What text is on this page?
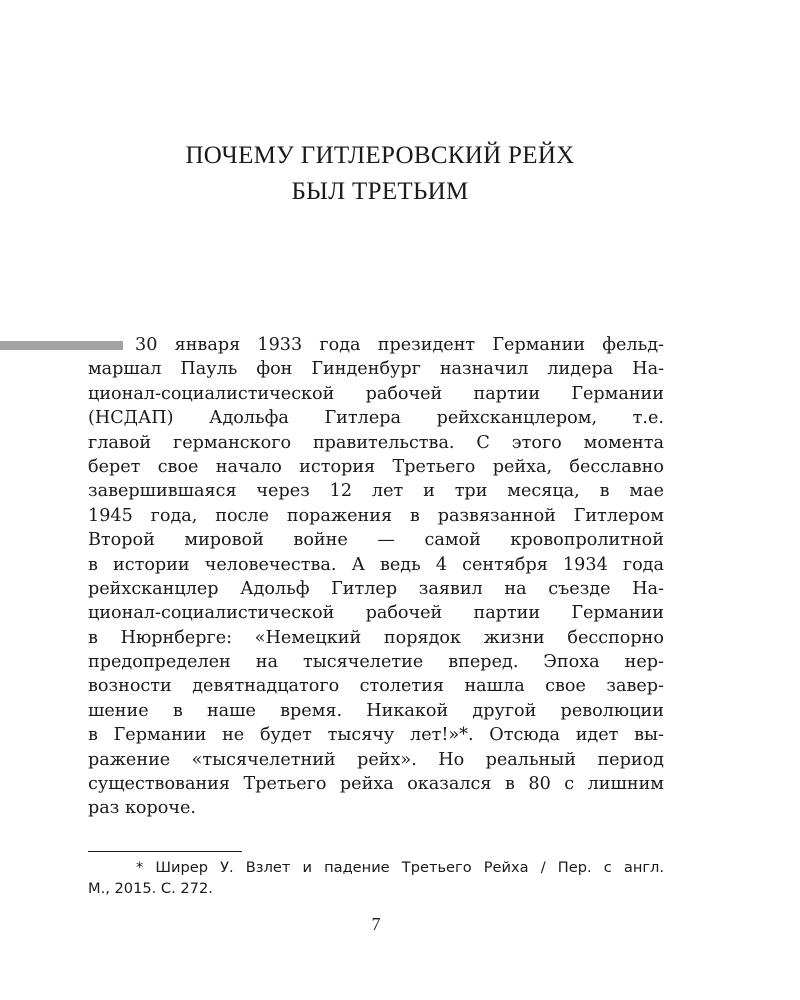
ПОЧЕМУ ГИТЛЕРОВСКИЙ РЕЙХ
БЫЛ ТРЕТЬИМ
30 января 1933 года президент Германии фельд-
маршал Пауль фон Гинденбург назначил лидера На-
ционал-социалистической рабочей партии Германии
(НСДАП) Адольфа Гитлера рейхсканцлером, т.е.
главой германского правительства. С этого момента
берет свое начало история Третьего рейха, бесславно
завершившаяся через 12 лет и три месяца, в мае
1945 года, после поражения в развязанной Гитлером
Второй мировой войне — самой кровопролитной
в истории человечества. А ведь 4 сентября 1934 года
рейхсканцлер Адольф Гитлер заявил на съезде На-
ционал-социалистической рабочей партии Германии
в Нюрнберге: «Немецкий порядок жизни бесспорно
предопределен на тысячелетие вперед. Эпоха нер-
возности девятнадцатого столетия нашла свое завер-
шение в наше время. Никакой другой революции
в Германии не будет тысячу лет!»*. Отсюда идет вы-
ражение «тысячелетний рейх». Но реальный период
существования Третьего рейха оказался в 80 с лишним
раз короче.
* Ширер У. Взлет и падение Третьего Рейха / Пер. с англ.
М., 2015. С. 272.
7
